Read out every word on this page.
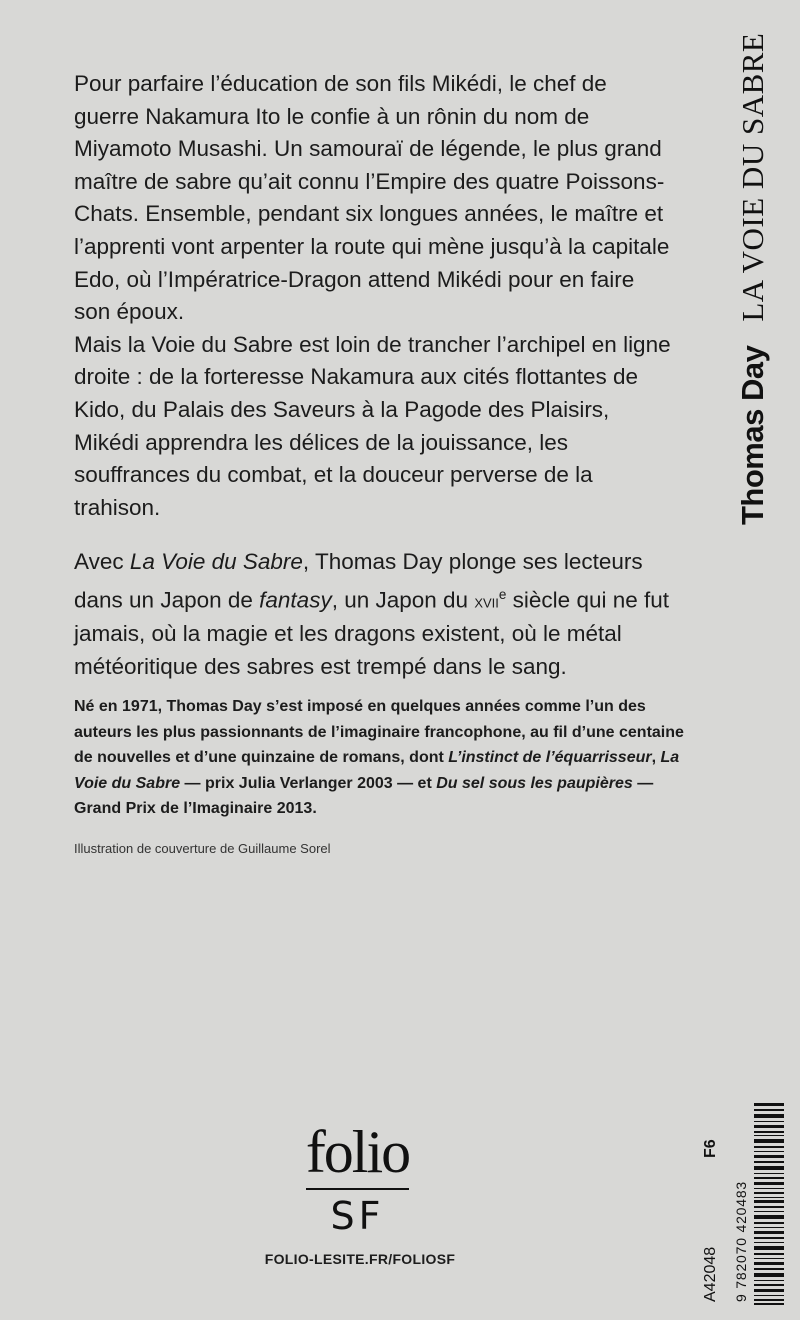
Pour parfaire l’éducation de son fils Mikédi, le chef de guerre Nakamura Ito le confie à un rônin du nom de Miyamoto Musashi. Un samouraï de légende, le plus grand maître de sabre qu’ait connu l’Empire des quatre Poissons-Chats. Ensemble, pendant six longues années, le maître et l’apprenti vont arpenter la route qui mène jusqu’à la capitale Edo, où l’Impératrice-Dragon attend Mikédi pour en faire son époux.

Mais la Voie du Sabre est loin de trancher l’archipel en ligne droite : de la forteresse Nakamura aux cités flottantes de Kido, du Palais des Saveurs à la Pagode des Plaisirs, Mikédi apprendra les délices de la jouissance, les souffrances du combat, et la douceur perverse de la trahison.

Avec La Voie du Sabre, Thomas Day plonge ses lecteurs dans un Japon de fantasy, un Japon du xvii$^e$ siècle qui ne fut jamais, où la magie et les dragons existent, où le métal météoritique des sabres est trempé dans le sang.

Né en 1971, Thomas Day s’est imposé en quelques années comme l’un des auteurs les plus passionnants de l’imaginaire francophone, au fil d’une centaine de nouvelles et d’une quinzaine de romans, dont L’instinct de l’équarrisseur, La Voie du Sabre — prix Julia Verlanger 2003 — et Du sel sous les paupières — Grand Prix de l’Imaginaire 2013.

Illustration de couverture de Guillaume Sorel
Thomas Day
LA VOIE DU SABRE
folio
SF
FOLIO-LESITE.FR/FOLIOSF	A42048
F6
9 782070 420483
